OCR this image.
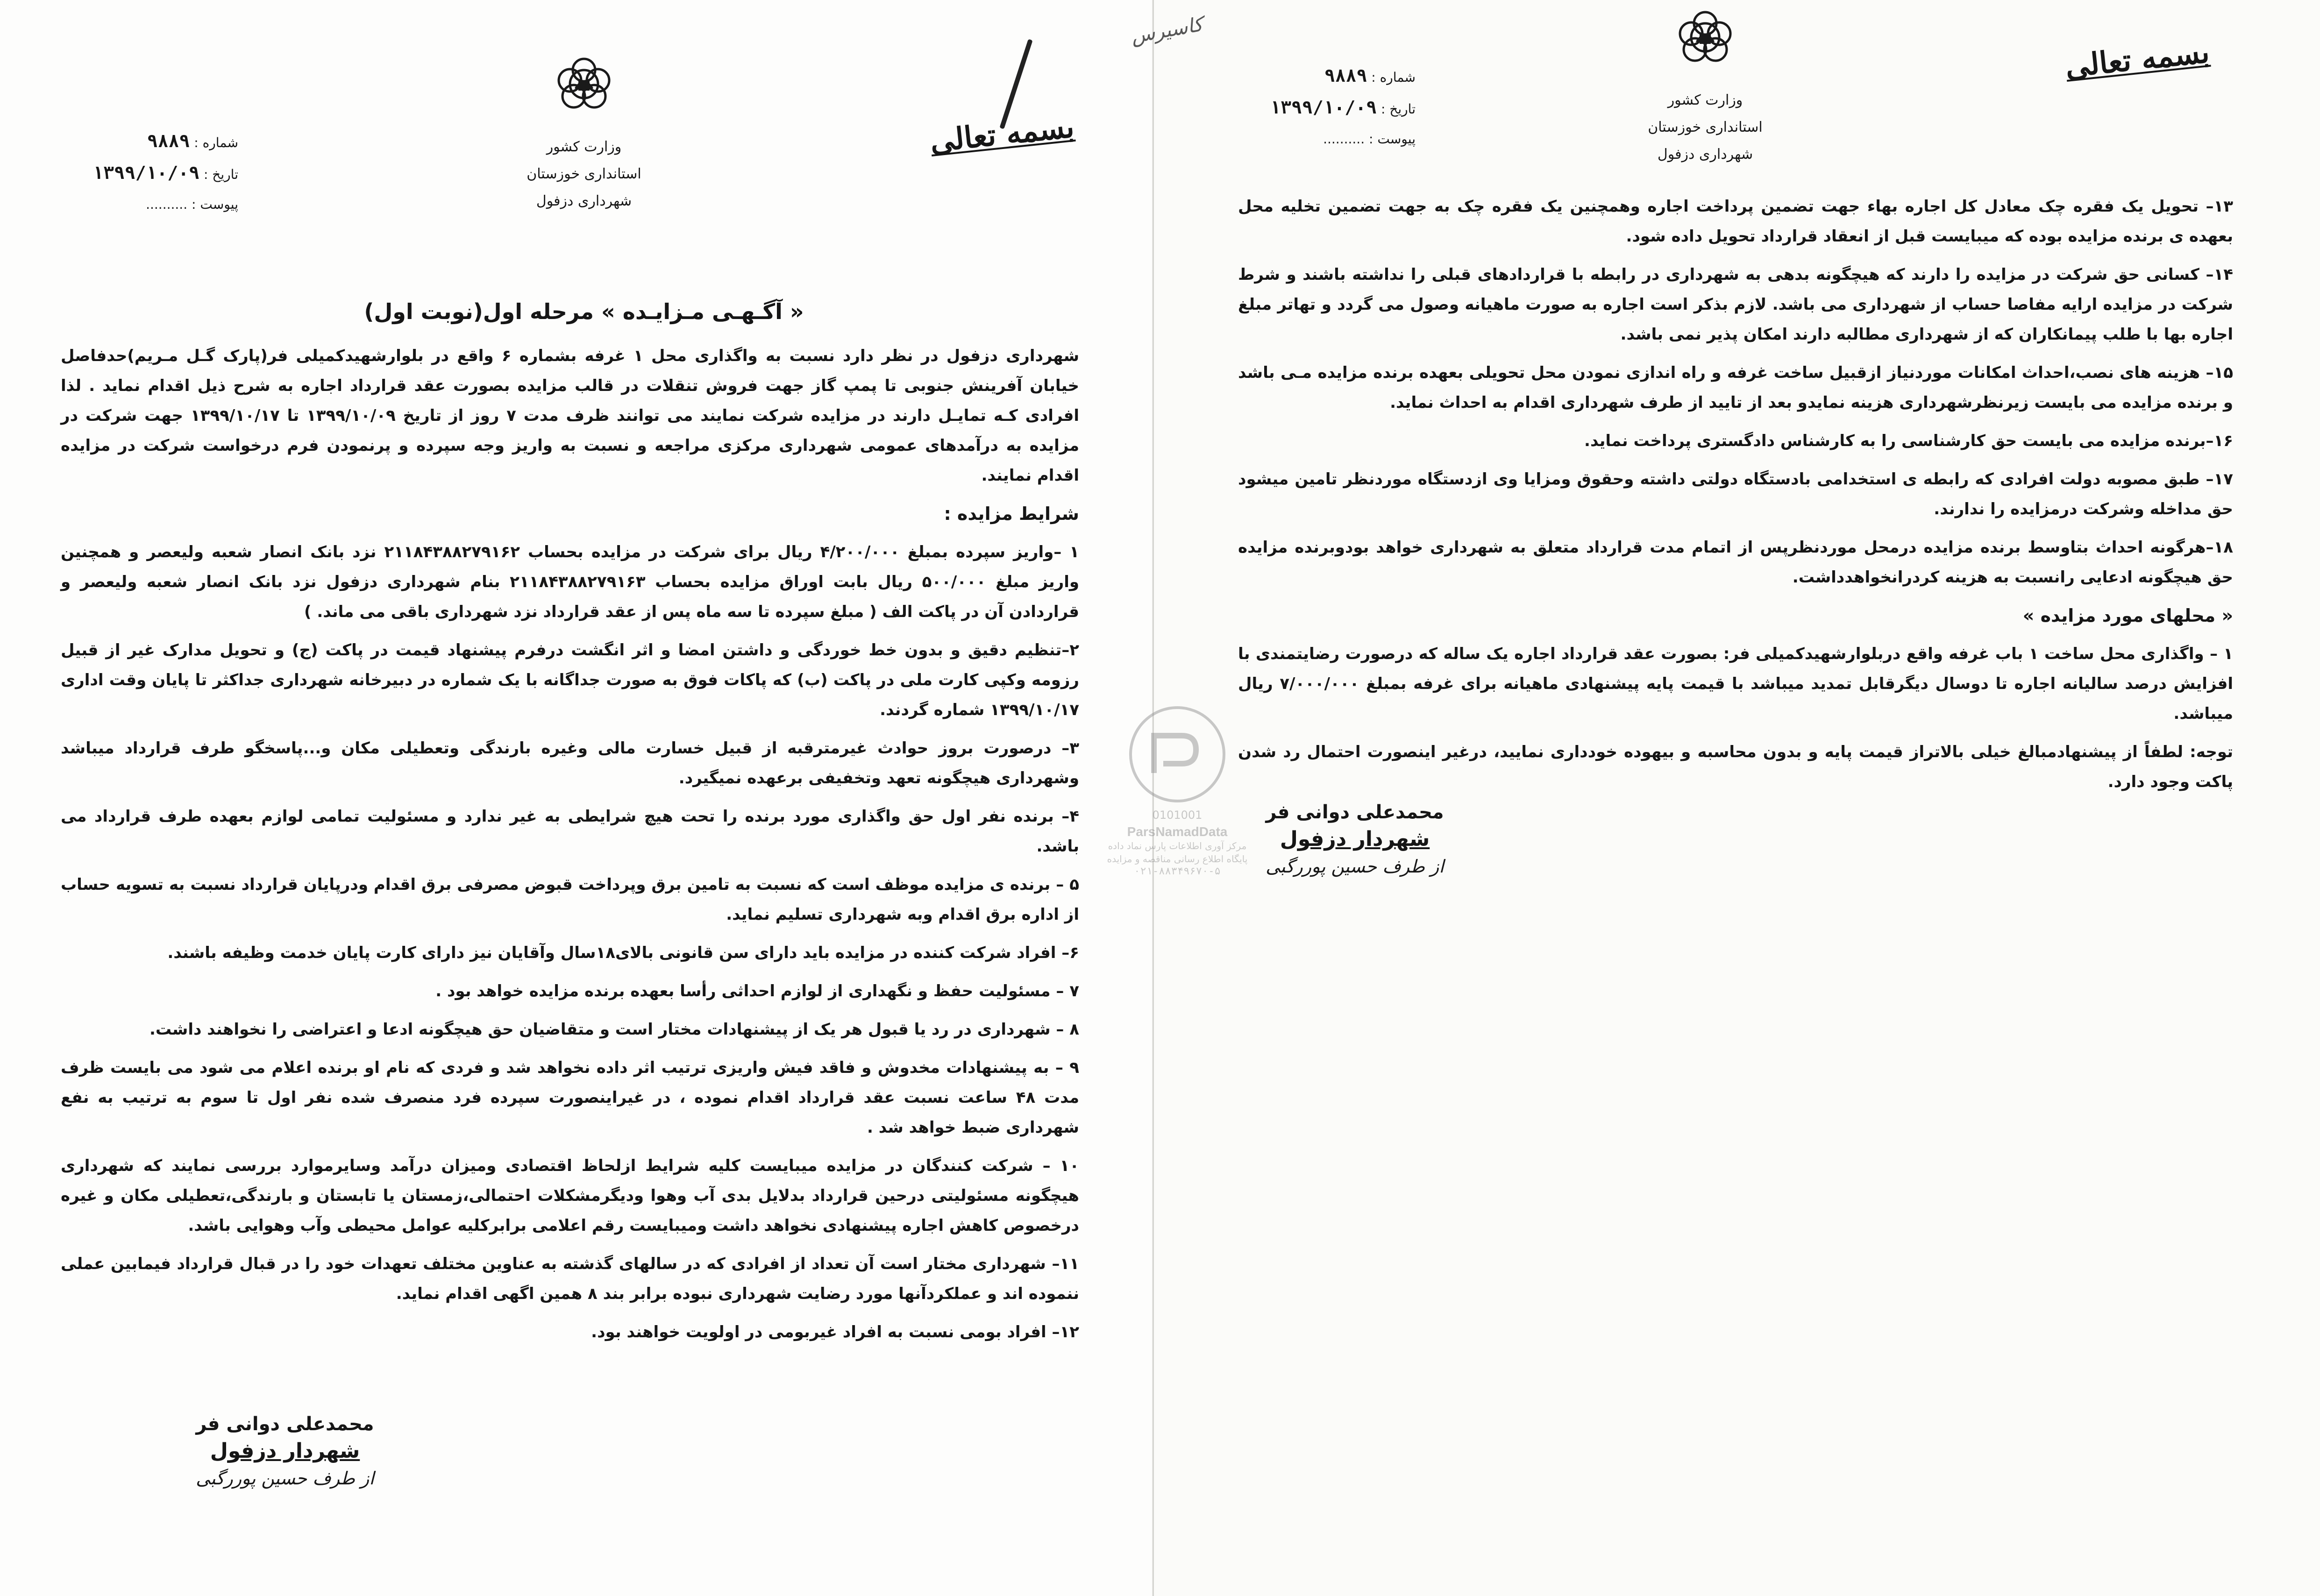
وزارت کشور
استانداری خوزستان
شهرداری دزفول
شماره : ۹۸۸۹
تاریخ : ۱۳۹۹/۱۰/۰۹
پیوست : ..........
بسمه تعالی
« آگـهـی مـزایـده » مرحله اول(نوبت اول)

شهرداری دزفول در نظر دارد نسبت به واگذاری محل ۱ غرفه بشماره ۶ واقع در بلوارشهیدکمیلی فر(پارک گـل مـریم)حدفاصل خیابان آفرینش جنوبی تا پمپ گاز جهت فروش تنقلات در قالب مزایده بصورت عقد قرارداد اجاره به شرح ذیل اقدام نماید . لذا افرادی کـه تمایـل دارند در مزایده شرکت نمایند می توانند ظرف مدت ۷ روز از تاریخ ۱۳۹۹/۱۰/۰۹ تا ۱۳۹۹/۱۰/۱۷ جهت شرکت در مزایده به درآمدهای عمومی شهرداری مرکزی مراجعه و نسبت به واریز وجه سپرده و پرنمودن فرم درخواست شرکت در مزایده اقدام نمایند.

شرایط مزایده :

۱ –واریز سپرده بمبلغ ۴/۲۰۰/۰۰۰ ریال برای شرکت در مزایده بحساب ۲۱۱۸۴۳۸۸۲۷۹۱۶۲ نزد بانک انصار شعبه ولیعصر و همچنین واریز مبلغ ۵۰۰/۰۰۰ ریال بابت اوراق مزایده بحساب ۲۱۱۸۴۳۸۸۲۷۹۱۶۳ بنام شهرداری دزفول نزد بانک انصار شعبه ولیعصر و قراردادن آن در پاکت الف ( مبلغ سپرده تا سه ماه پس از عقد قرارداد نزد شهرداری باقی می ماند. )

۲–تنظیم دقیق و بدون خط خوردگی و داشتن امضا و اثر انگشت درفرم پیشنهاد قیمت در پاکت (ج) و تحویل مدارک غیر از قبیل رزومه وکپی کارت ملی در پاکت (ب) که پاکات فوق به صورت جداگانه با یک شماره در دبیرخانه شهرداری جداکثر تا پایان وقت اداری ۱۳۹۹/۱۰/۱۷ شماره گردند.

۳– درصورت بروز حوادث غیرمترقبه از قبیل خسارت مالی وغیره بارندگی وتعطیلی مکان و...پاسخگو طرف قرارداد میباشد وشهرداری هیچگونه تعهد وتخفیفی برعهده نمیگیرد.

۴– برنده نفر اول حق واگذاری مورد برنده را تحت هیچ شرایطی به غیر ندارد و مسئولیت تمامی لوازم بعهده طرف قرارداد می باشد.

۵ – برنده ی مزایده موظف است که نسبت به تامین برق وپرداخت قبوض مصرفی برق اقدام ودرپایان قرارداد نسبت به تسویه حساب از اداره برق اقدام وبه شهرداری تسلیم نماید.

۶– افراد شرکت کننده در مزایده باید دارای سن قانونی بالای۱۸سال وآقایان نیز دارای کارت پایان خدمت وظیفه باشند.

۷ – مسئولیت حفظ و نگهداری از لوازم احداثی رأسا بعهده برنده مزایده خواهد بود .

۸ – شهرداری در رد یا قبول هر یک از پیشنهادات مختار است و متقاضیان حق هیچگونه ادعا و اعتراضی را نخواهند داشت.

۹ – به پیشنهادات مخدوش و فاقد فیش واریزی ترتیب اثر داده نخواهد شد و فردی که نام او برنده اعلام می شود می بایست ظرف مدت ۴۸ ساعت نسبت عقد قرارداد اقدام نموده ، در غیراینصورت سپرده فرد منصرف شده نفر اول تا سوم به ترتیب به نفع شهرداری ضبط خواهد شد .

۱۰ – شرکت کنندگان در مزایده میبایست کلیه شرایط ازلحاظ اقتصادی ومیزان درآمد وسایرموارد بررسی نمایند که شهرداری هیچگونه مسئولیتی درحین قرارداد بدلایل بدی آب وهوا ودیگرمشکلات احتمالی،زمستان یا تابستان و بارندگی،تعطیلی مکان و غیره درخصوص کاهش اجاره پیشنهادی نخواهد داشت ومیبایست رقم اعلامی برابرکلیه عوامل محیطی وآب وهوایی باشد.

۱۱– شهرداری مختار است آن تعداد از افرادی که در سالهای گذشته به عناوین مختلف تعهدات خود را در قبال قرارداد فیمابین عملی ننموده اند و عملکردآنها مورد رضایت شهرداری نبوده برابر بند ۸ همین اگهی اقدام نماید.

۱۲– افراد بومی نسبت به افراد غیربومی در اولویت خواهند بود.

محمدعلی دوانی فر
شهردار دزفول
از طرف حسین پوررگبی
وزارت کشور
استانداری خوزستان
شهرداری دزفول
شماره : ۹۸۸۹
تاریخ : ۱۳۹۹/۱۰/۰۹
پیوست : ..........
بسمه تعالی

۱۳– تحویل یک فقره چک معادل کل اجاره بهاء جهت تضمین پرداخت اجاره وهمچنین یک فقره چک به جهت تضمین تخلیه محل بعهده ی برنده مزایده بوده که میبایست قبل از انعقاد قرارداد تحویل داده شود.

۱۴– کسانی حق شرکت در مزایده را دارند که هیچگونه بدهی به شهرداری در رابطه با قراردادهای قبلی را نداشته باشند و شرط شرکت در مزایده ارایه مفاصا حساب از شهرداری می باشد. لازم بذکر است اجاره به صورت ماهیانه وصول می گردد و تهاتر مبلغ اجاره بها با طلب پیمانکاران که از شهرداری مطالبه دارند امکان پذیر نمی باشد.

۱۵– هزینه های نصب،احداث امکانات موردنیاز ازقبیل ساخت غرفه و راه اندازی نمودن محل تحویلی بعهده برنده مزایده مـی باشد و برنده مزایده می بایست زیرنظرشهرداری هزینه نمایدو بعد از تایید از طرف شهرداری اقدام به احداث نماید.

۱۶–برنده مزایده می بایست حق کارشناسی را به کارشناس دادگستری پرداخت نماید.

۱۷– طبق مصوبه دولت افرادی که رابطه ی استخدامی بادستگاه دولتی داشته وحقوق ومزایا وی ازدستگاه موردنظر تامین میشود حق مداخله وشرکت درمزایده را ندارند.

۱۸–هرگونه احداث بتاوسط برنده مزایده درمحل موردنظرپس از اتمام مدت قرارداد متعلق به شهرداری خواهد بودوبرنده مزایده حق هیچگونه ادعایی رانسبت به هزینه کردرانخواهدداشت.

« محلهای مورد مزایده »

۱ – واگذاری محل ساخت ۱ باب غرفه واقع دربلوارشهیدکمیلی فر: بصورت عقد قرارداد اجاره یک ساله که درصورت رضایتمندی با افزایش درصد سالیانه اجاره تا دوسال دیگرقابل تمدید میباشد با قیمت پایه پیشنهادی ماهیانه برای غرفه بمبلغ ۷/۰۰۰/۰۰۰ ریال میباشد.

توجه: لطفاً از پیشنهادمبالغ خیلی بالاتراز قیمت پایه و بدون محاسبه و بیهوده خودداری نمایید، درغیر اینصورت احتمال رد شدن پاکت وجود دارد.

محمدعلی دوانی فر
شهردار دزفول
از طرف حسین پوررگبی
کاسیرس
0101001
ParsNamadData
مرکز آوری اطلاعات پارس نماد داده
پایگاه اطلاع رسانی مناقصه و مزایده
۰۲۱-۸۸۳۴۹۶۷۰-۵
